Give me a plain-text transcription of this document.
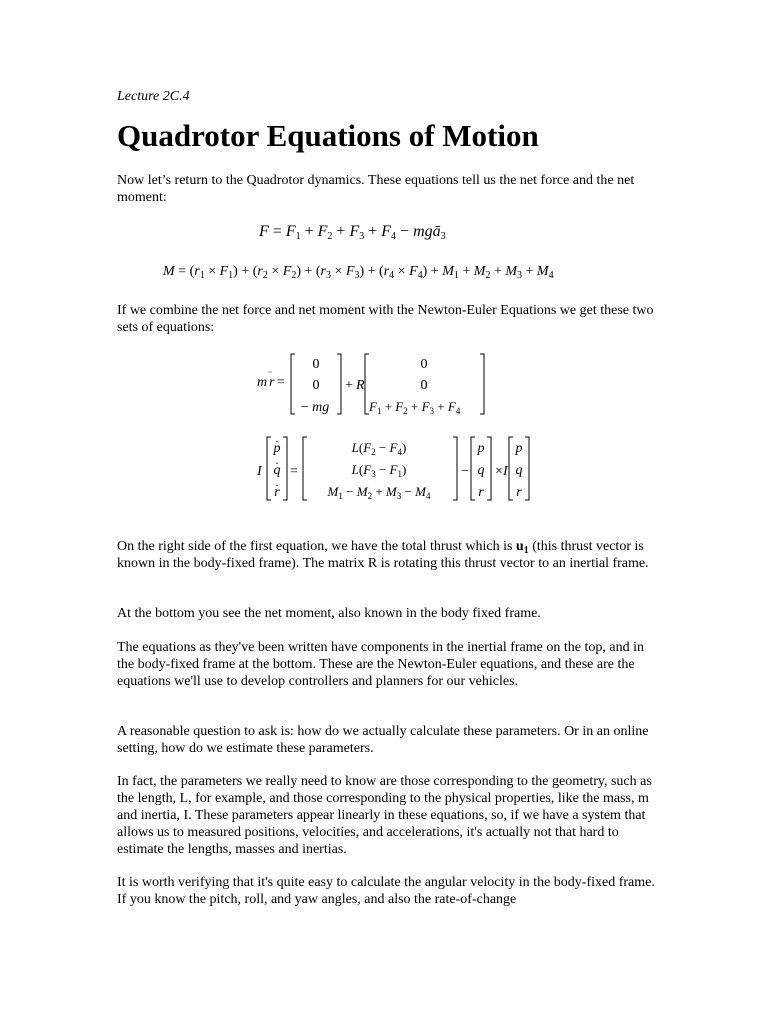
Lecture 2C.4
Quadrotor Equations of Motion

Now let’s return to the Quadrotor dynamics. These equations tell us the net force and the net moment:

$F = F_1 + F_2 + F_3 + F_4$ − $mgā_3$
$M = (r_1 \times F_1) + (r_2 \times F_2) + (r_3 \times F_3) + (r_4 \times F_4) + M_1 + M_2 + M_3 + M_4$

If we combine the net force and net moment with the Newton-Euler Equations we get these two sets of equations:

m r =
0
0
− mg
+ R
0
0
$F_1 + F_2 + F_3 + F_4$
I
p
.
q
.
r
.
=
$L(F_2 - F_4)$
$L(F_3 - F_1)$
$M_1 - M_2 + M_3 - M_4$
−
p
q
r
× I
p
q
r

On the right side of the first equation, we have the total thrust which is $u_1$ (this thrust vector is known in the body-fixed frame). The matrix R is rotating this thrust vector to an inertial frame.

At the bottom you see the net moment, also known in the body fixed frame.

The equations as they've been written have components in the inertial frame on the top, and in the body-fixed frame at the bottom. These are the Newton-Euler equations, and these are the equations we'll use to develop controllers and planners for our vehicles.

A reasonable question to ask is: how do we actually calculate these parameters. Or in an online setting, how do we estimate these parameters.

In fact, the parameters we really need to know are those corresponding to the geometry, such as the length, L, for example, and those corresponding to the physical properties, like the mass, m and inertia, I. These parameters appear linearly in these equations, so, if we have a system that allows us to measured positions, velocities, and accelerations, it's actually not that hard to estimate the lengths, masses and inertias.

It is worth verifying that it's quite easy to calculate the angular velocity in the body-fixed frame. If you know the pitch, roll, and yaw angles, and also the rate-of-change
